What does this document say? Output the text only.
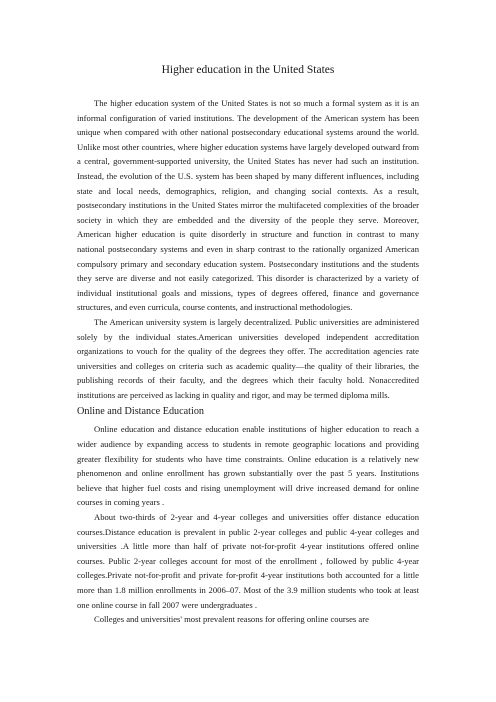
Higher education in the United States

The higher education system of the United States is not so much a formal system as it is an informal configuration of varied institutions. The development of the American system has been unique when compared with other national postsecondary educational systems around the world. Unlike most other countries, where higher education systems have largely developed outward from a central, government-supported university, the United States has never had such an institution. Instead, the evolution of the U.S. system has been shaped by many different influences, including state and local needs, demographics, religion, and changing social contexts. As a result, postsecondary institutions in the United States mirror the multifaceted complexities of the broader society in which they are embedded and the diversity of the people they serve. Moreover, American higher education is quite disorderly in structure and function in contrast to many national postsecondary systems and even in sharp contrast to the rationally organized American compulsory primary and secondary education system. Postsecondary institutions and the students they serve are diverse and not easily categorized. This disorder is characterized by a variety of individual institutional goals and missions, types of degrees offered, finance and governance structures, and even curricula, course contents, and instructional methodologies.

The American university system is largely decentralized. Public universities are administered solely by the individual states.American universities developed independent accreditation organizations to vouch for the quality of the degrees they offer. The accreditation agencies rate universities and colleges on criteria such as academic quality—the quality of their libraries, the publishing records of their faculty, and the degrees which their faculty hold. Nonaccredited institutions are perceived as lacking in quality and rigor, and may be termed diploma mills.

Online and Distance Education

Online education and distance education enable institutions of higher education to reach a wider audience by expanding access to students in remote geographic locations and providing greater flexibility for students who have time constraints. Online education is a relatively new phenomenon and online enrollment has grown substantially over the past 5 years. Institutions believe that higher fuel costs and rising unemployment will drive increased demand for online courses in coming years .

About two-thirds of 2-year and 4-year colleges and universities offer distance education courses.Distance education is prevalent in public 2-year colleges and public 4-year colleges and universities .A little more than half of private not-for-profit 4-year institutions offered online courses. Public 2-year colleges account for most of the enrollment , followed by public 4-year colleges.Private not-for-profit and private for-profit 4-year institutions both accounted for a little more than 1.8 million enrollments in 2006–07. Most of the 3.9 million students who took at least one online course in fall 2007 were undergraduates .

Colleges and universities' most prevalent reasons for offering online courses are
